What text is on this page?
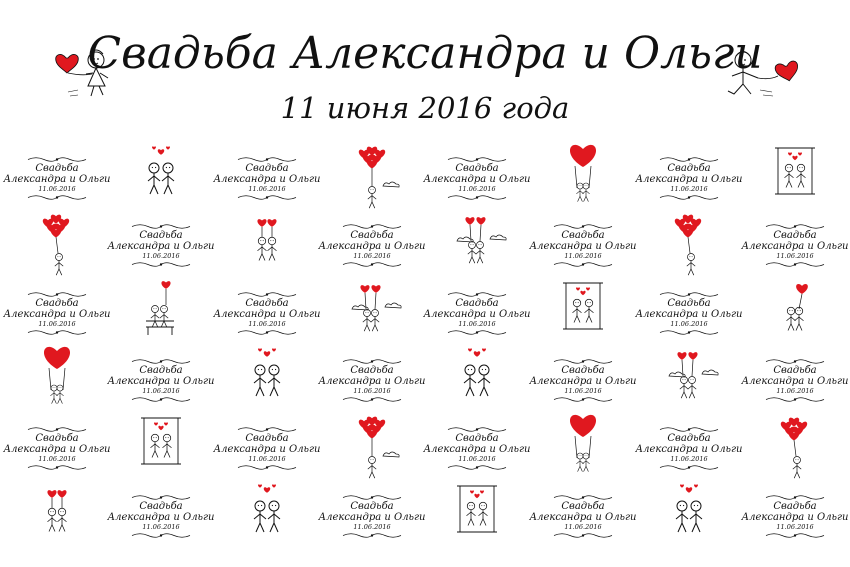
Свадьба Александра и Ольги
11 июня 2016 года
Свадьба
Александра и Ольги
11.06.2016
Свадьба
Александра и Ольги
11.06.2016
Свадьба
Александра и Ольги
11.06.2016
Свадьба
Александра и Ольги
11.06.2016
Свадьба
Александра и Ольги
11.06.2016
Свадьба
Александра и Ольги
11.06.2016
Свадьба
Александра и Ольги
11.06.2016
Свадьба
Александра и Ольги
11.06.2016
Свадьба
Александра и Ольги
11.06.2016
Свадьба
Александра и Ольги
11.06.2016
Свадьба
Александра и Ольги
11.06.2016
Свадьба
Александра и Ольги
11.06.2016
Свадьба
Александра и Ольги
11.06.2016
Свадьба
Александра и Ольги
11.06.2016
Свадьба
Александра и Ольги
11.06.2016
Свадьба
Александра и Ольги
11.06.2016
Свадьба
Александра и Ольги
11.06.2016
Свадьба
Александра и Ольги
11.06.2016
Свадьба
Александра и Ольги
11.06.2016
Свадьба
Александра и Ольги
11.06.2016
Свадьба
Александра и Ольги
11.06.2016
Свадьба
Александра и Ольги
11.06.2016
Свадьба
Александра и Ольги
11.06.2016
Свадьба
Александра и Ольги
11.06.2016
